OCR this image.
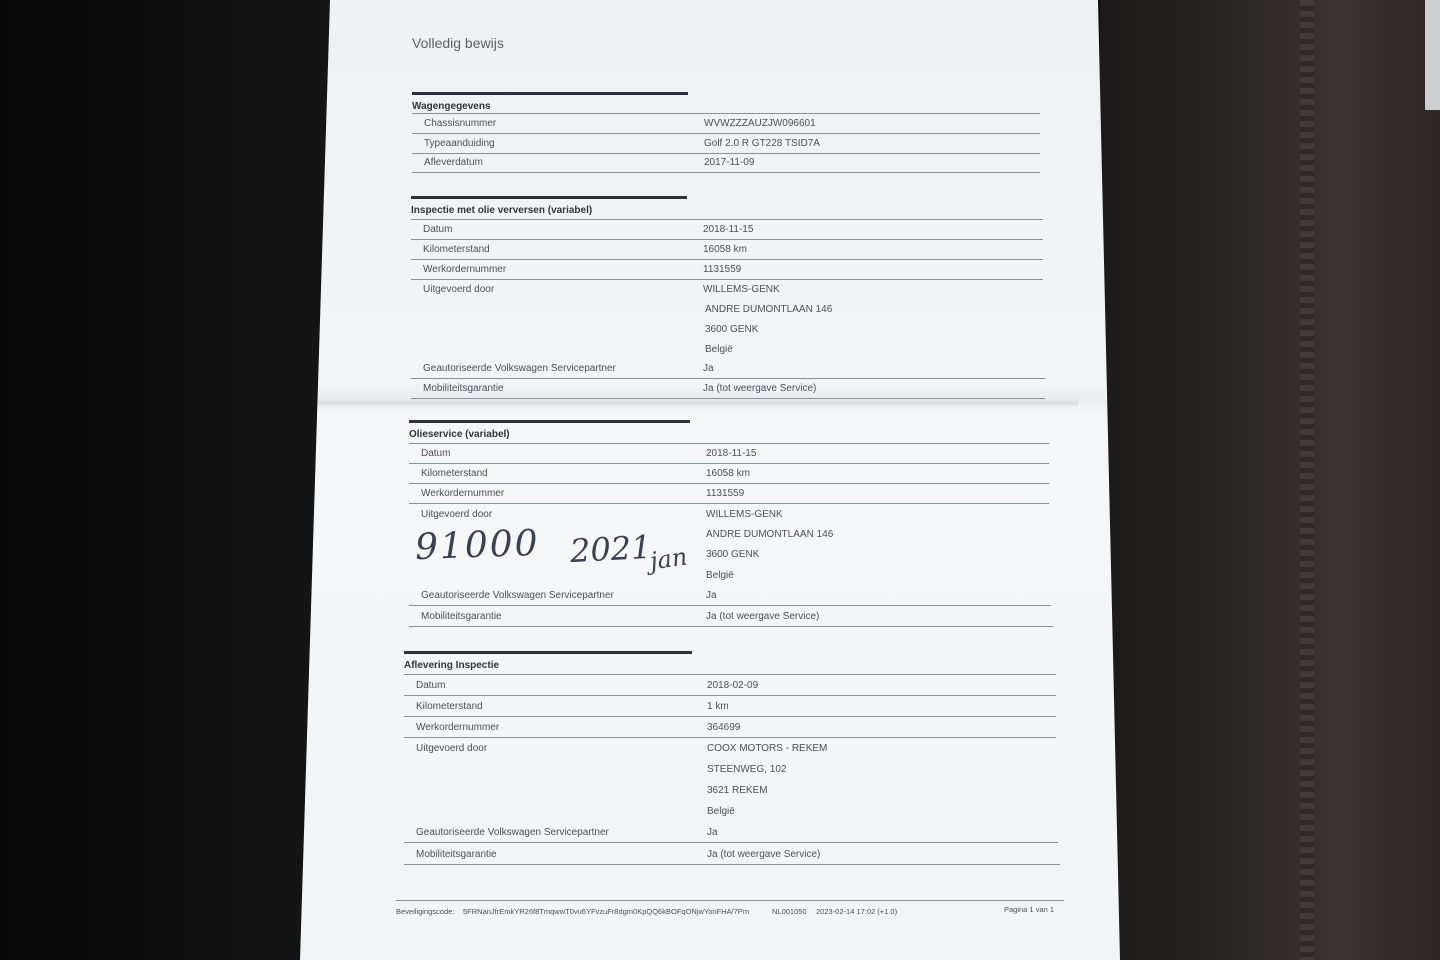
Volledig bewijs
Wagengegevens
Chassisnummer	WVWZZZAUZJW096601
Typeaanduiding	Golf 2.0 R GT228 TSID7A
Afleverdatum	2017-11-09
Inspectie met olie verversen (variabel)
Datum	2018-11-15
Kilometerstand	16058 km
Werkordernummer	1131559
Uitgevoerd door	WILLEMS-GENK
ANDRE DUMONTLAAN 146
3600 GENK
België
Geautoriseerde Volkswagen Servicepartner	Ja
Mobiliteitsgarantie	Ja (tot weergave Service)
Olieservice (variabel)
Datum	2018-11-15
Kilometerstand	16058 km
Werkordernummer	1131559
Uitgevoerd door	WILLEMS-GENK
ANDRE DUMONTLAAN 146
3600 GENK
België
Geautoriseerde Volkswagen Servicepartner	Ja
Mobiliteitsgarantie	Ja (tot weergave Service)
91000 2021
jan
Aflevering Inspectie
Datum	2018-02-09
Kilometerstand	1 km
Werkordernummer	364699
Uitgevoerd door	COOX MOTORS - REKEM
STEENWEG, 102
3621 REKEM
België
Geautoriseerde Volkswagen Servicepartner	Ja
Mobiliteitsgarantie	Ja (tot weergave Service)
Beveiligingscode: 5FRNanJfrEmkYR26f8TmqwwT0vu6YFvzuFr8dgm0KpQQ6kBOFqONjwYonFHA/7Pm	NL001050 2023-02-14 17:02 (+1.0)	Pagina 1 van 1
